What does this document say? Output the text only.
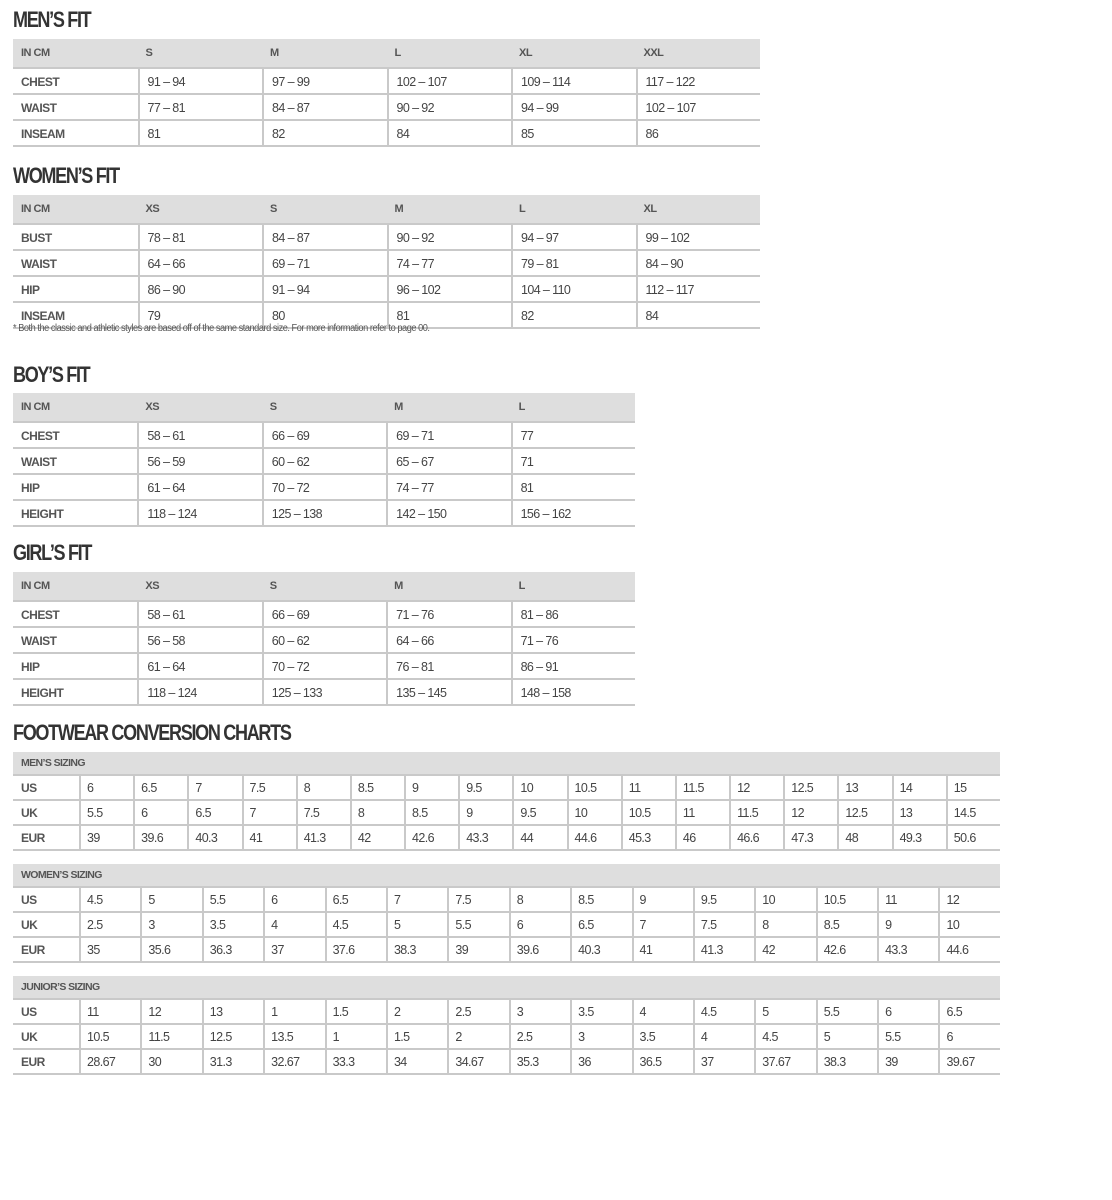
MEN’S FIT
IN CM	S	M	L	XL	XXL
CHEST	91 – 94	97 – 99	102 – 107	109 – 114	117 – 122
WAIST	77 – 81	84 – 87	90 – 92	94 – 99	102 – 107
INSEAM	81	82	84	85	86
WOMEN’S FIT
IN CM	XS	S	M	L	XL
BUST	78 – 81	84 – 87	90 – 92	94 – 97	99 – 102
WAIST	64 – 66	69 – 71	74 – 77	79 – 81	84 – 90
HIP	86 – 90	91 – 94	96 – 102	104 – 110	112 – 117
INSEAM	79	80	81	82	84
* Both the classic and athletic styles are based off of the same standard size. For more information refer to page 00.
BOY’S FIT
IN CM	XS	S	M	L
CHEST	58 – 61	66 – 69	69 – 71	77
WAIST	56 – 59	60 – 62	65 – 67	71
HIP	61 – 64	70 – 72	74 – 77	81
HEIGHT	118 – 124	125 – 138	142 – 150	156 – 162
GIRL’S FIT
IN CM	XS	S	M	L
CHEST	58 – 61	66 – 69	71 – 76	81 – 86
WAIST	56 – 58	60 – 62	64 – 66	71 – 76
HIP	61 – 64	70 – 72	76 – 81	86 – 91
HEIGHT	118 – 124	125 – 133	135 – 145	148 – 158
FOOTWEAR CONVERSION CHARTS
MEN’S SIZING																	
US	6	6.5	7	7.5	8	8.5	9	9.5	10	10.5	11	11.5	12	12.5	13	14	15
UK	5.5	6	6.5	7	7.5	8	8.5	9	9.5	10	10.5	11	11.5	12	12.5	13	14.5
EUR	39	39.6	40.3	41	41.3	42	42.6	43.3	44	44.6	45.3	46	46.6	47.3	48	49.3	50.6
WOMEN’S SIZING															
US	4.5	5	5.5	6	6.5	7	7.5	8	8.5	9	9.5	10	10.5	11	12
UK	2.5	3	3.5	4	4.5	5	5.5	6	6.5	7	7.5	8	8.5	9	10
EUR	35	35.6	36.3	37	37.6	38.3	39	39.6	40.3	41	41.3	42	42.6	43.3	44.6
JUNIOR’S SIZING															
US	11	12	13	1	1.5	2	2.5	3	3.5	4	4.5	5	5.5	6	6.5
UK	10.5	11.5	12.5	13.5	1	1.5	2	2.5	3	3.5	4	4.5	5	5.5	6
EUR	28.67	30	31.3	32.67	33.3	34	34.67	35.3	36	36.5	37	37.67	38.3	39	39.67
